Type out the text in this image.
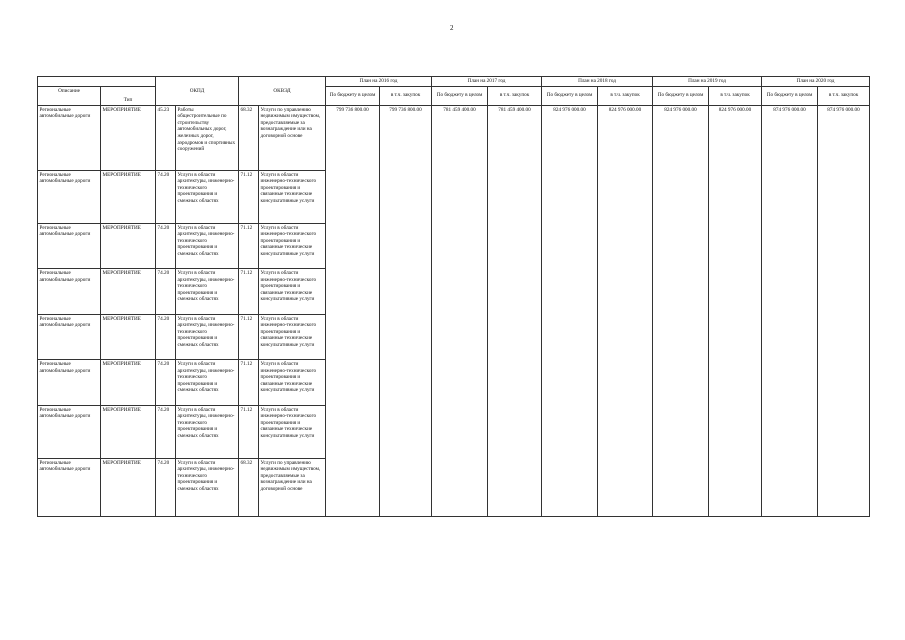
2
		ОКПД		ОКВЭД		План на 2016 год		План на 2017 год		План на 2018 год		План на 2019 год		План на 2020 год	
Описание	Тип					По бюджету в целом	в т.ч. закупок	По бюджету в целом	в т.ч. закупок	По бюджету в целом	в т.ч. закупок	По бюджету в целом	в т.ч. закупок	По бюджету в целом	в т.ч. закупок
Региональные автомобильные дороги	МЕРОПРИЯТИЕ	45.23	Работы общестроительные по строительству автомобильных дорог, железных дорог, аэродромов и спортивных сооружений	68.32	Услуги по управлению недвижимым имуществом, предоставляемые за вознаграждение или на договорной основе	799 736 800.00	799 736 800.00	781 459 400.00	781 459 400.00	824 976 000.00	824 976 000.00	824 976 000.00	824 976 000.00	874 976 000.00	874 976 000.00
Региональные автомобильные дороги	МЕРОПРИЯТИЕ	74.20	Услуги в области архитектуры, инженерно-технического проектирования и смежных областях	71.12	Услуги в области инженерно-технического проектирования и связанные технические консультативные услуги										
Региональные автомобильные дороги	МЕРОПРИЯТИЕ	74.20	Услуги в области архитектуры, инженерно-технического проектирования и смежных областях	71.12	Услуги в области инженерно-технического проектирования и связанные технические консультативные услуги										
Региональные автомобильные дороги	МЕРОПРИЯТИЕ	74.20	Услуги в области архитектуры, инженерно-технического проектирования и смежных областях	71.12	Услуги в области инженерно-технического проектирования и связанные технические консультативные услуги										
Региональные автомобильные дороги	МЕРОПРИЯТИЕ	74.20	Услуги в области архитектуры, инженерно-технического проектирования и смежных областях	71.12	Услуги в области инженерно-технического проектирования и связанные технические консультативные услуги										
Региональные автомобильные дороги	МЕРОПРИЯТИЕ	74.20	Услуги в области архитектуры, инженерно-технического проектирования и смежных областях	71.12	Услуги в области инженерно-технического проектирования и связанные технические консультативные услуги										
Региональные автомобильные дороги	МЕРОПРИЯТИЕ	74.20	Услуги в области архитектуры, инженерно-технического проектирования и смежных областях	71.12	Услуги в области инженерно-технического проектирования и связанные технические консультативные услуги										
Региональные автомобильные дороги	МЕРОПРИЯТИЕ	74.20	Услуги в области архитектуры, инженерно-технического проектирования и смежных областях	68.32	Услуги по управлению недвижимым имуществом, предоставляемые за вознаграждение или на договорной основе										
